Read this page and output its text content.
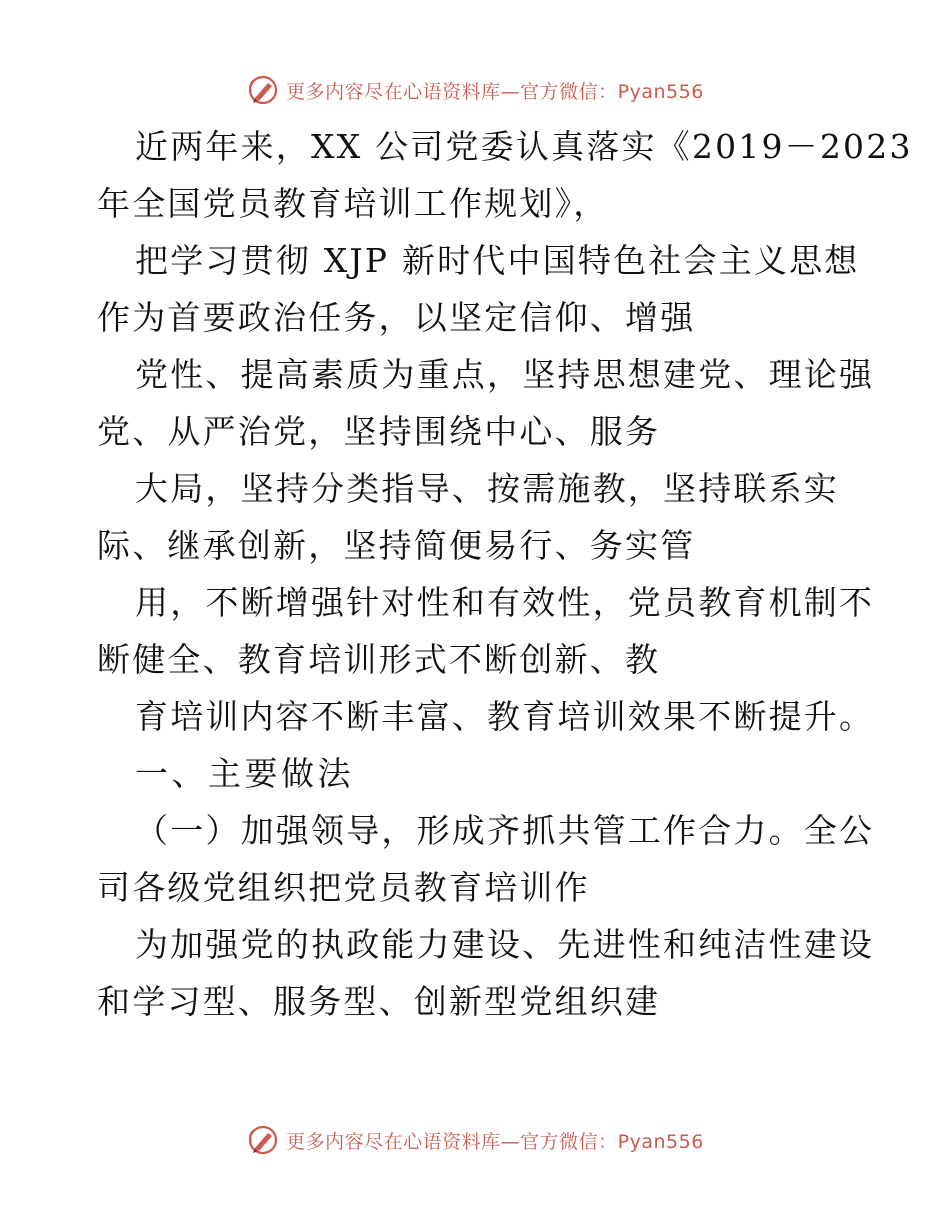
更多内容尽在心语资料库—官方微信：Pyan556
近两年来，XX 公司党委认真落实《2019－2023
年全国党员教育培训工作规划》，
把学习贯彻 XJP 新时代中国特色社会主义思想
作为首要政治任务，以坚定信仰、增强
党性、提高素质为重点，坚持思想建党、理论强
党、从严治党，坚持围绕中心、服务
大局，坚持分类指导、按需施教，坚持联系实
际、继承创新，坚持简便易行、务实管
用，不断增强针对性和有效性，党员教育机制不
断健全、教育培训形式不断创新、教
育培训内容不断丰富、教育培训效果不断提升。
一、主要做法
（一）加强领导，形成齐抓共管工作合力。全公
司各级党组织把党员教育培训作
为加强党的执政能力建设、先进性和纯洁性建设
和学习型、服务型、创新型党组织建
更多内容尽在心语资料库—官方微信：Pyan556
